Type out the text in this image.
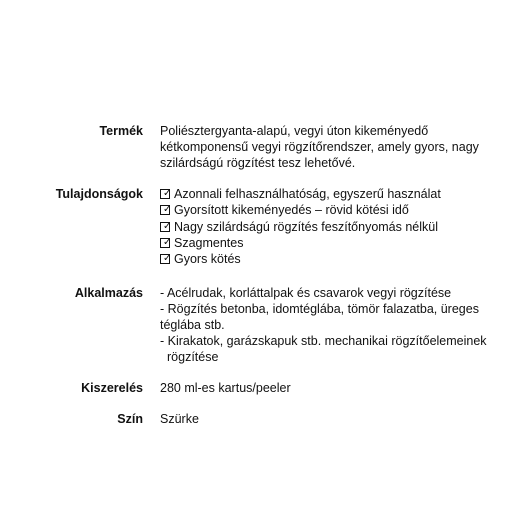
Termék Poliésztergyanta-alapú, vegyi úton kikeményedő
kétkomponensű vegyi rögzítőrendszer, amely gyors, nagy
szilárdságú rögzítést tesz lehetővé.
Tulajdonságok ✓ Azonnali felhasználhatóság, egyszerű használat
✓ Gyorsított kikeményedés – rövid kötési idő
✓ Nagy szilárdságú rögzítés feszítőnyomás nélkül
✓ Szagmentes
✓ Gyors kötés
Alkalmazás - Acélrudak, korláttalpak és csavarok vegyi rögzítése
- Rögzítés betonba, idomtéglába, tömör falazatba, üreges
téglába stb.
- Kirakatok, garázskapuk stb. mechanikai rögzítőelemeinek
rögzítése
Kiszerelés 280 ml-es kartus/peeler
Szín Szürke
